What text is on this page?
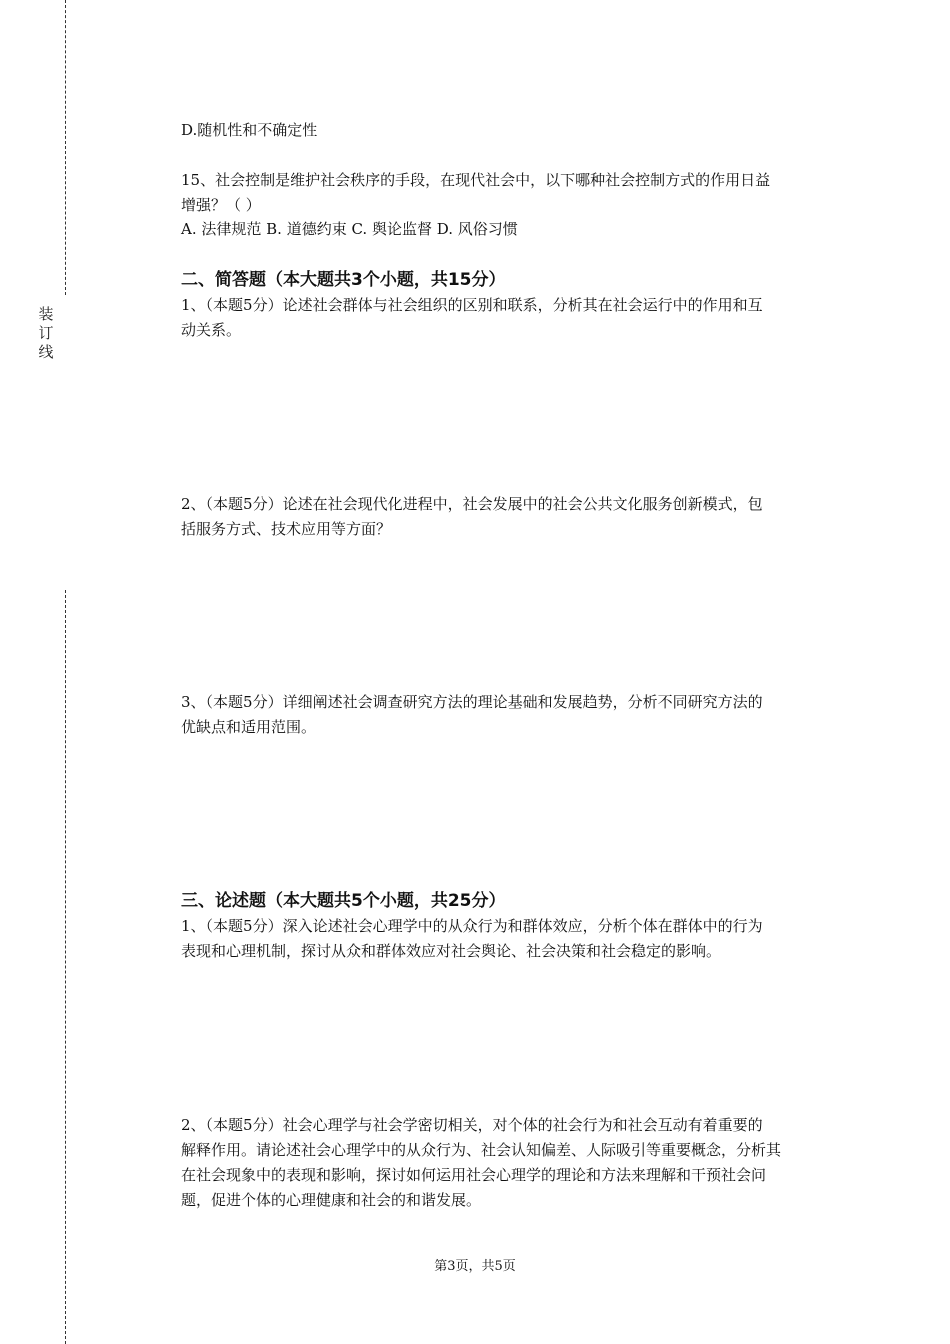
装
订
线
D.随机性和不确定性
15、社会控制是维护社会秩序的手段，在现代社会中，以下哪种社会控制方式的作用日益
增强？（ ）
A. 法律规范 B. 道德约束 C. 舆论监督 D. 风俗习惯
二、简答题（本大题共3个小题，共15分）
1、（本题5分）论述社会群体与社会组织的区别和联系，分析其在社会运行中的作用和互
动关系。
2、（本题5分）论述在社会现代化进程中，社会发展中的社会公共文化服务创新模式，包
括服务方式、技术应用等方面？
3、（本题5分）详细阐述社会调查研究方法的理论基础和发展趋势，分析不同研究方法的
优缺点和适用范围。
三、论述题（本大题共5个小题，共25分）
1、（本题5分）深入论述社会心理学中的从众行为和群体效应，分析个体在群体中的行为
表现和心理机制，探讨从众和群体效应对社会舆论、社会决策和社会稳定的影响。
2、（本题5分）社会心理学与社会学密切相关，对个体的社会行为和社会互动有着重要的
解释作用。请论述社会心理学中的从众行为、社会认知偏差、人际吸引等重要概念，分析其
在社会现象中的表现和影响，探讨如何运用社会心理学的理论和方法来理解和干预社会问
题，促进个体的心理健康和社会的和谐发展。
第3页，共5页
